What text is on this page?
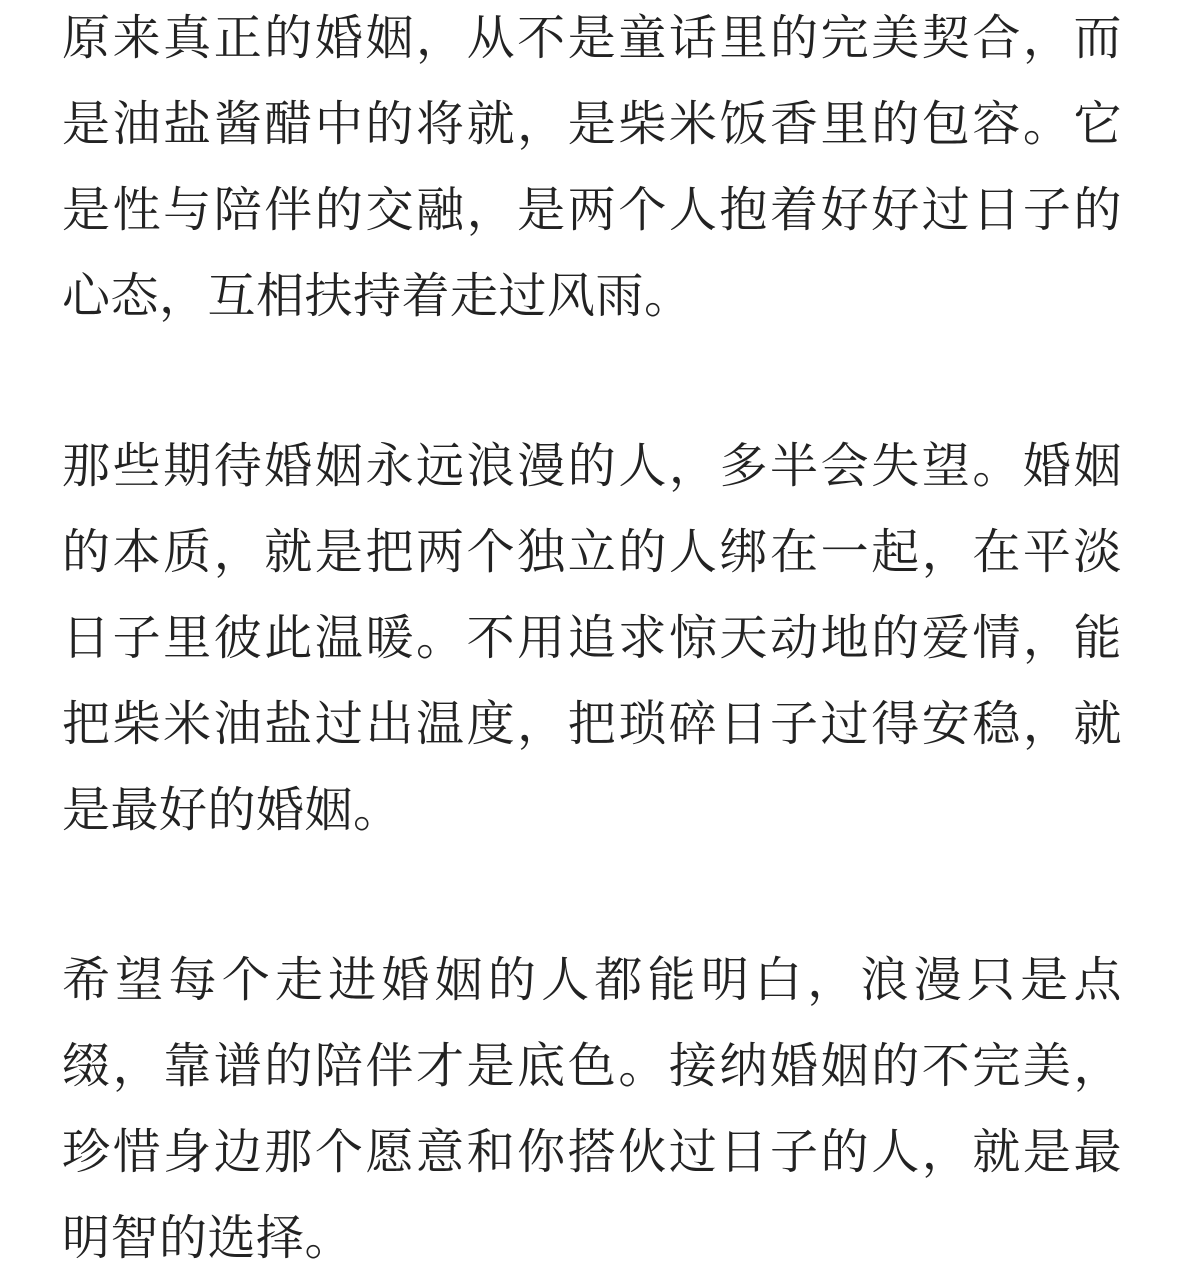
原来真正的婚姻，从不是童话里的完美契合，而是油盐酱醋中的将就，是柴米饭香里的包容。它是性与陪伴的交融，是两个人抱着好好过日子的心态，互相扶持着走过风雨。

那些期待婚姻永远浪漫的人，多半会失望。婚姻的本质，就是把两个独立的人绑在一起，在平淡日子里彼此温暖。不用追求惊天动地的爱情，能把柴米油盐过出温度，把琐碎日子过得安稳，就是最好的婚姻。

希望每个走进婚姻的人都能明白，浪漫只是点缀，靠谱的陪伴才是底色。接纳婚姻的不完美，珍惜身边那个愿意和你搭伙过日子的人，就是最明智的选择。
